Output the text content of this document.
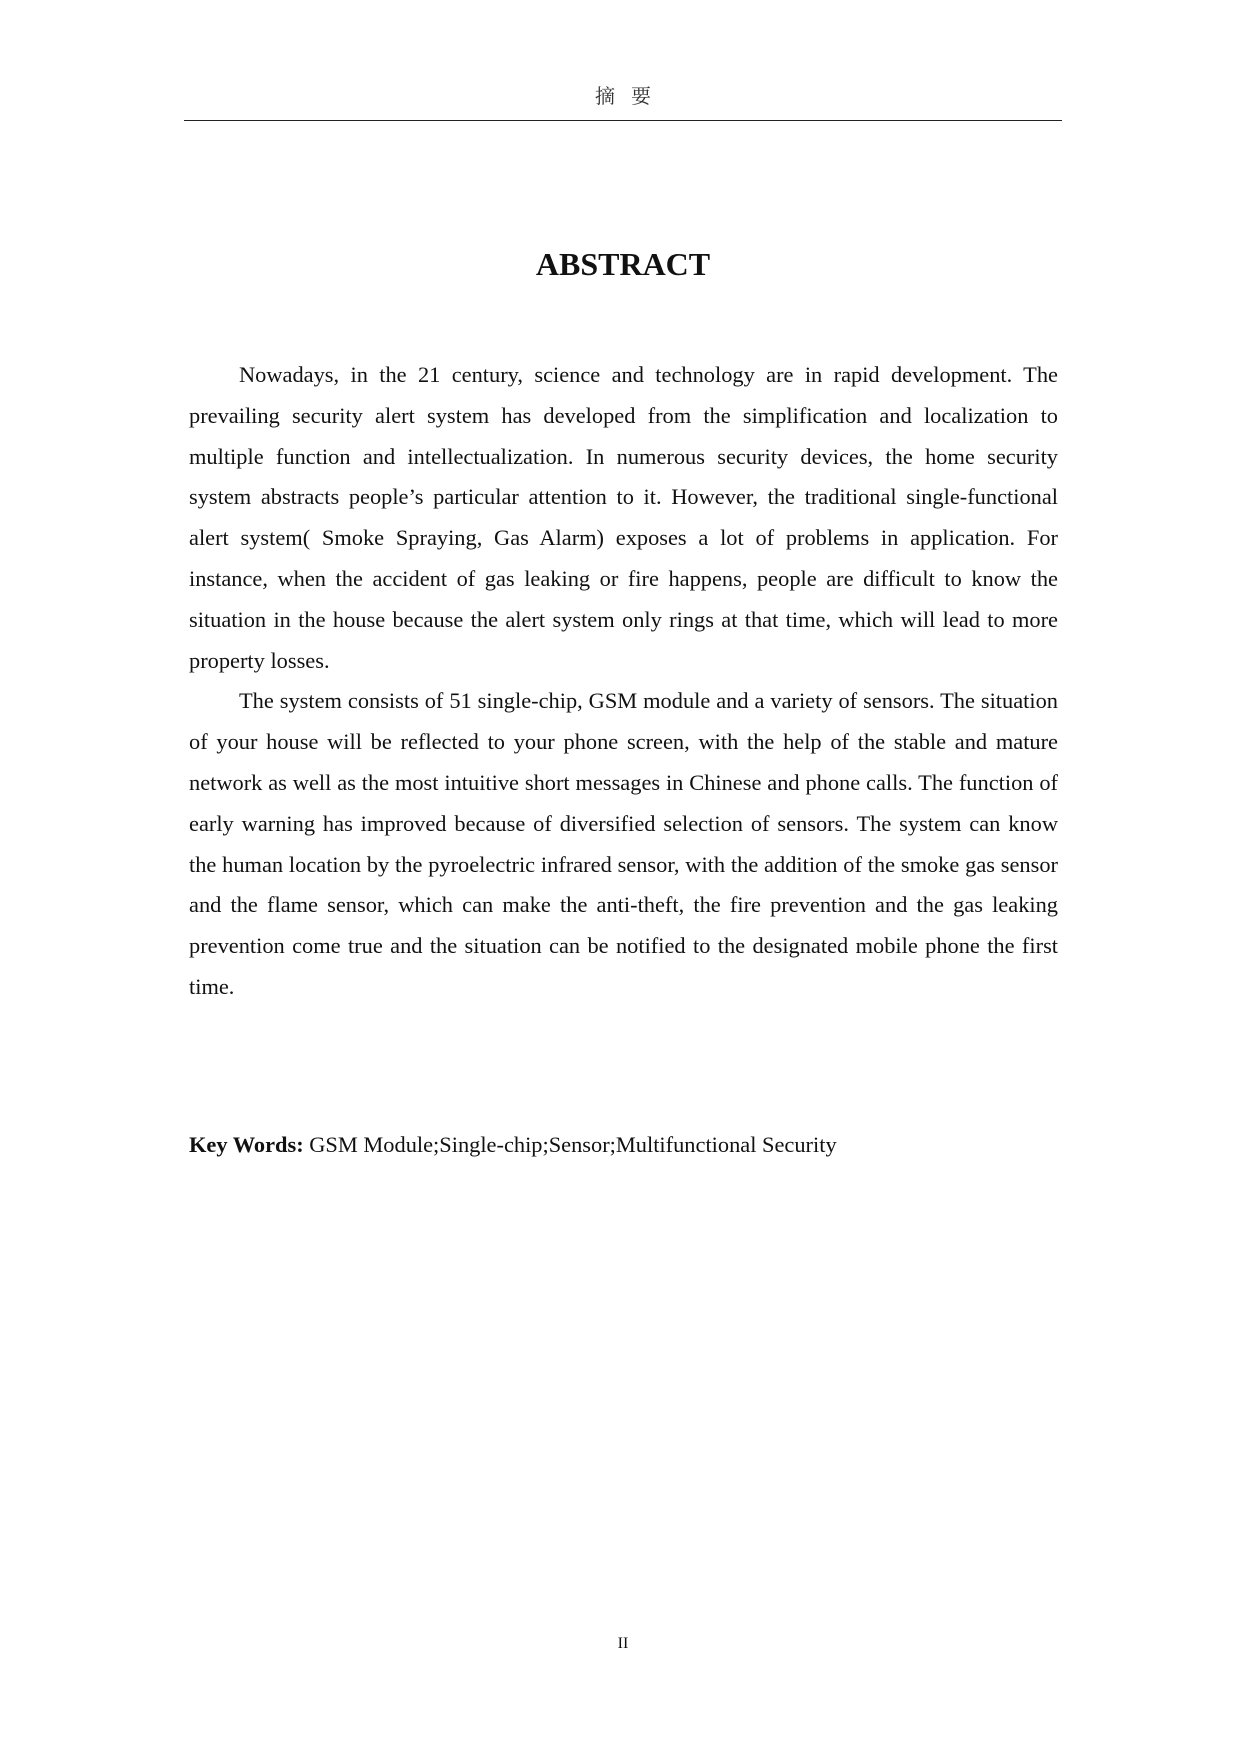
摘要
ABSTRACT

Nowadays, in the 21 century, science and technology are in rapid development. The prevailing security alert system has developed from the simplification and localization to multiple function and intellectualization. In numerous security devices, the home security system abstracts people’s particular attention to it. However, the traditional single-functional alert system( Smoke Spraying, Gas Alarm) exposes a lot of problems in application. For instance, when the accident of gas leaking or fire happens, people are difficult to know the situation in the house because the alert system only rings at that time, which will lead to more property losses.

The system consists of 51 single-chip, GSM module and a variety of sensors. The situation of your house will be reflected to your phone screen, with the help of the stable and mature network as well as the most intuitive short messages in Chinese and phone calls. The function of early warning has improved because of diversified selection of sensors. The system can know the human location by the pyroelectric infrared sensor, with the addition of the smoke gas sensor and the flame sensor, which can make the anti-theft, the fire prevention and the gas leaking prevention come true and the situation can be notified to the designated mobile phone the first time.

Key Words: GSM Module;Single-chip;Sensor;Multifunctional Security
II
